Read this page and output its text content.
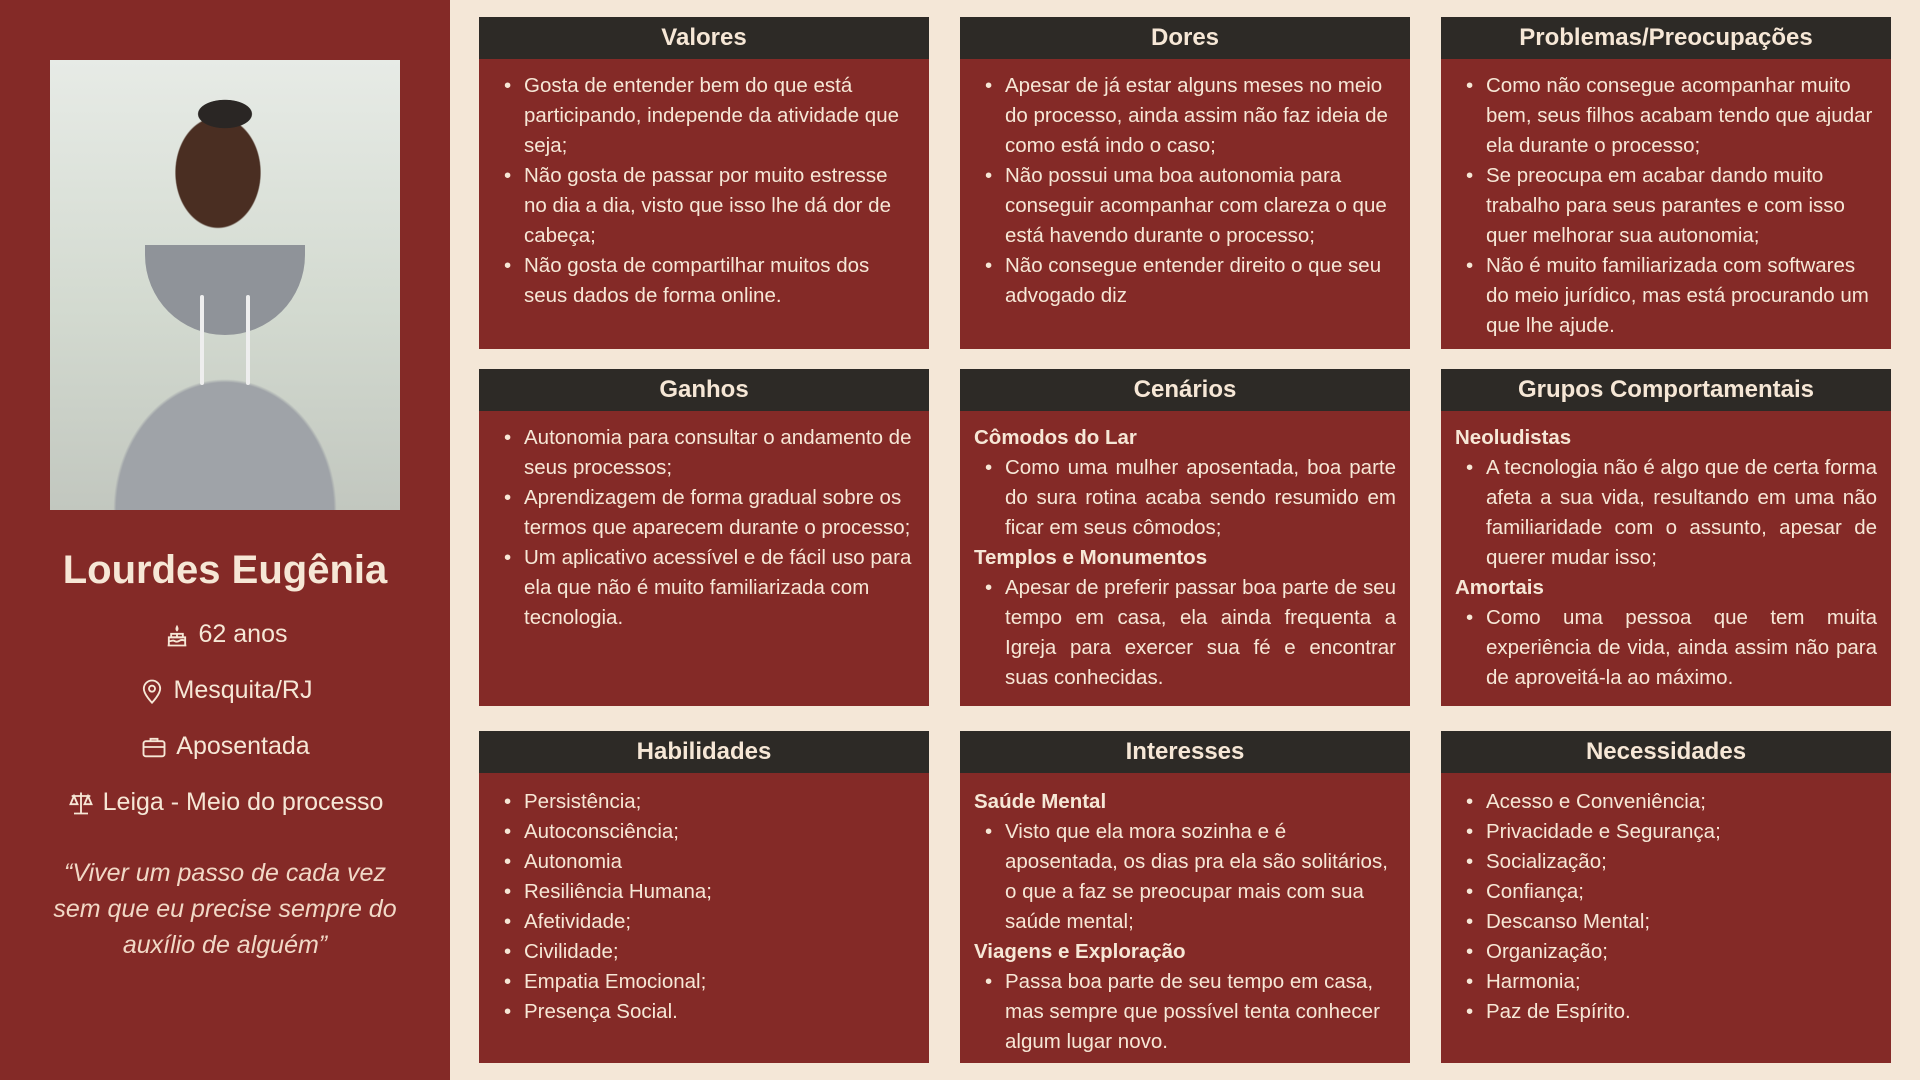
Lourdes Eugênia
62 anos
Mesquita/RJ
Aposentada
Leiga - Meio do processo
“Viver um passo de cada vez sem que eu precise sempre do auxílio de alguém”
Valores
• Gosta de entender bem do que está participando, independe da atividade que seja;
• Não gosta de passar por muito estresse no dia a dia, visto que isso lhe dá dor de cabeça;
• Não gosta de compartilhar muitos dos seus dados de forma online.
Dores
• Apesar de já estar alguns meses no meio do processo, ainda assim não faz ideia de como está indo o caso;
• Não possui uma boa autonomia para conseguir acompanhar com clareza o que está havendo durante o processo;
• Não consegue entender direito o que seu advogado diz
Problemas/Preocupações
• Como não consegue acompanhar muito bem, seus filhos acabam tendo que ajudar ela durante o processo;
• Se preocupa em acabar dando muito trabalho para seus parantes e com isso quer melhorar sua autonomia;
• Não é muito familiarizada com softwares do meio jurídico, mas está procurando um que lhe ajude.
Ganhos
• Autonomia para consultar o andamento de seus processos;
• Aprendizagem de forma gradual sobre os termos que aparecem durante o processo;
• Um aplicativo acessível e de fácil uso para ela que não é muito familiarizada com tecnologia.
Cenários
Cômodos do Lar
• Como uma mulher aposentada, boa parte do sura rotina acaba sendo resumido em ficar em seus cômodos;
Templos e Monumentos
• Apesar de preferir passar boa parte de seu tempo em casa, ela ainda frequenta a Igreja para exercer sua fé e encontrar suas conhecidas.
Grupos Comportamentais
Neoludistas
• A tecnologia não é algo que de certa forma afeta a sua vida, resultando em uma não familiaridade com o assunto, apesar de querer mudar isso;
Amortais
• Como uma pessoa que tem muita experiência de vida, ainda assim não para de aproveitá-la ao máximo.
Habilidades
• Persistência;
• Autoconsciência;
• Autonomia
• Resiliência Humana;
• Afetividade;
• Civilidade;
• Empatia Emocional;
• Presença Social.
Interesses
Saúde Mental
• Visto que ela mora sozinha e é aposentada, os dias pra ela são solitários, o que a faz se preocupar mais com sua saúde mental;
Viagens e Exploração
• Passa boa parte de seu tempo em casa, mas sempre que possível tenta conhecer algum lugar novo.
Necessidades
• Acesso e Conveniência;
• Privacidade e Segurança;
• Socialização;
• Confiança;
• Descanso Mental;
• Organização;
• Harmonia;
• Paz de Espírito.
